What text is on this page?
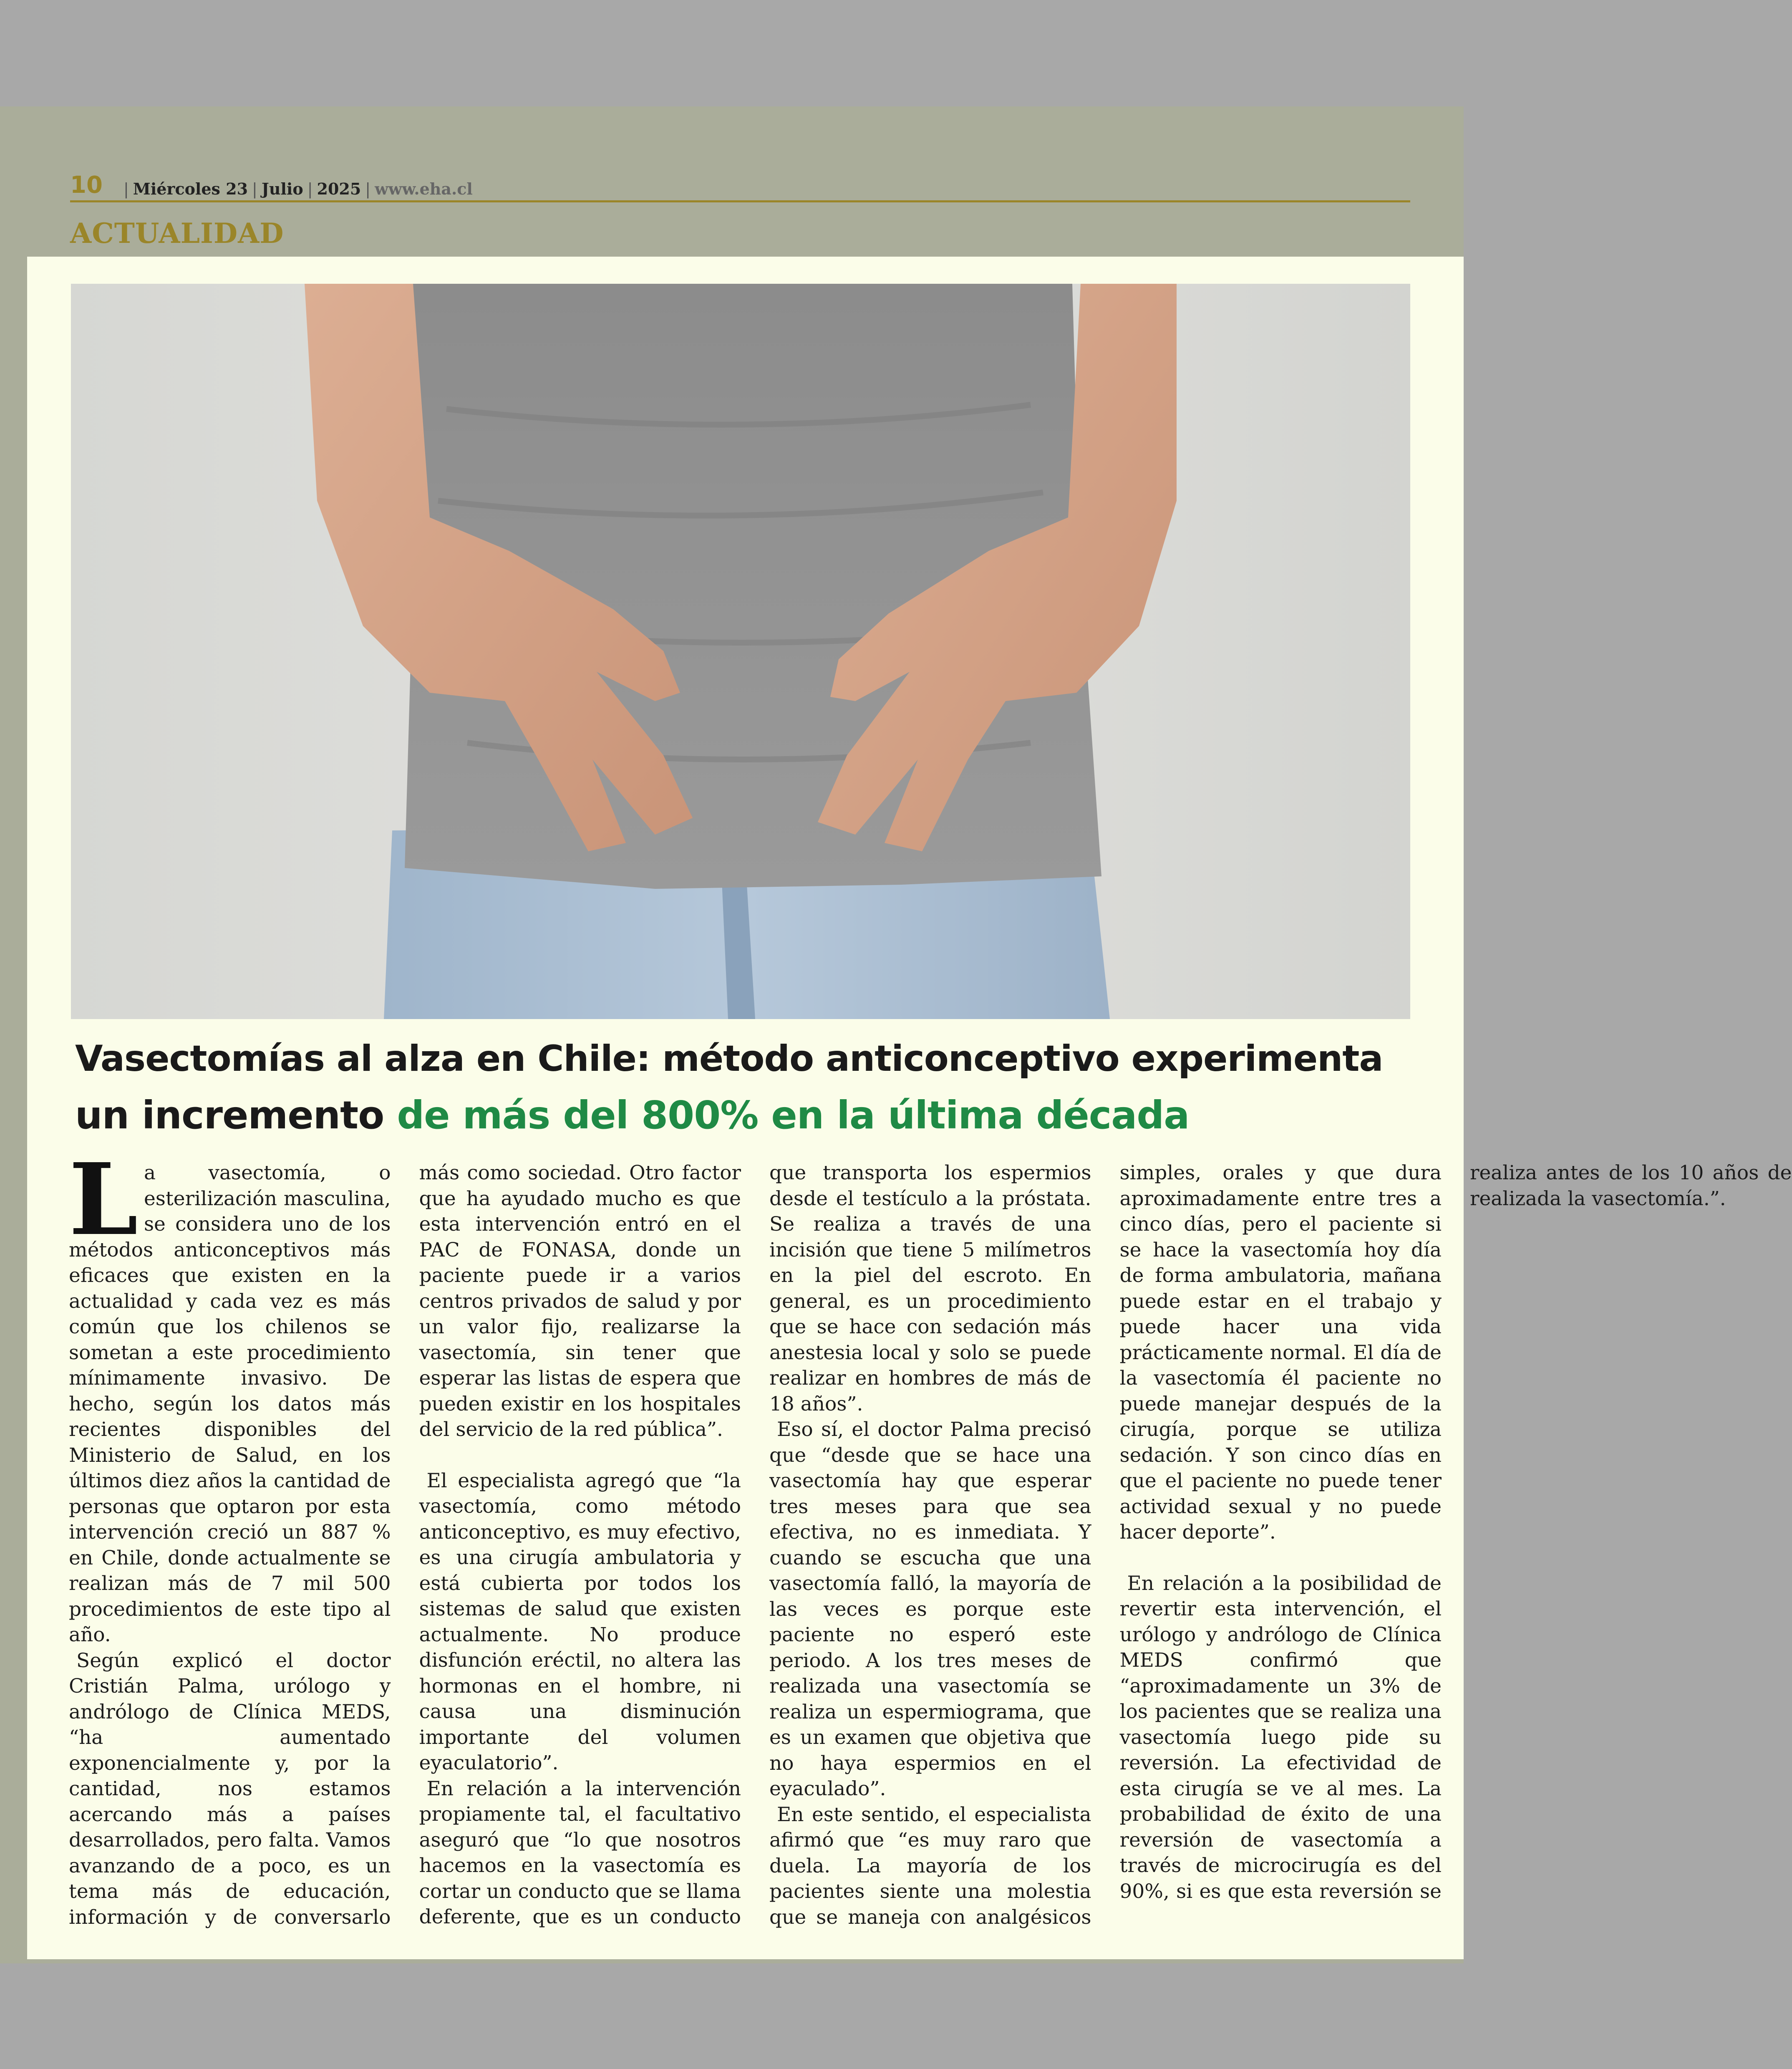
10 | Miércoles 23 | Julio | 2025 | www.eha.cl
ACTUALIDAD
Vasectomías al alza en Chile: método anticonceptivo experimenta
un incremento de más del 800% en la última década

La vasectomía, o esterilización masculina, se considera uno de los métodos anticonceptivos más eficaces que existen en la actualidad y cada vez es más común que los chilenos se sometan a este procedimiento mínimamente invasivo. De hecho, según los datos más recientes disponibles del Ministerio de Salud, en los últimos diez años la cantidad de personas que optaron por esta intervención creció un 887 % en Chile, donde actualmente se realizan más de 7 mil 500 procedimientos de este tipo al año.

Según explicó el doctor Cristián Palma, urólogo y andrólogo de Clínica MEDS, “ha aumentado exponencialmente y, por la cantidad, nos estamos acercando más a países desarrollados, pero falta. Vamos avanzando de a poco, es un tema más de educación, información y de conversarlo más como sociedad. Otro factor que ha ayudado mucho es que esta intervención entró en el PAC de FONASA, donde un paciente puede ir a varios centros privados de salud y por un valor fijo, realizarse la vasectomía, sin tener que esperar las listas de espera que pueden existir en los hospitales del servicio de la red pública”.

El especialista agregó que “la vasectomía, como método anticonceptivo, es muy efectivo, es una cirugía ambulatoria y está cubierta por todos los sistemas de salud que existen actualmente. No produce disfunción eréctil, no altera las hormonas en el hombre, ni causa una disminución importante del volumen eyaculatorio”.

En relación a la intervención propiamente tal, el facultativo aseguró que “lo que nosotros hacemos en la vasectomía es cortar un conducto que se llama deferente, que es un conducto que transporta los espermios desde el testículo a la próstata. Se realiza a través de una incisión que tiene 5 milímetros en la piel del escroto. En general, es un procedimiento que se hace con sedación más anestesia local y solo se puede realizar en hombres de más de 18 años”.

Eso sí, el doctor Palma precisó que “desde que se hace una vasectomía hay que esperar tres meses para que sea efectiva, no es inmediata. Y cuando se escucha que una vasectomía falló, la mayoría de las veces es porque este paciente no esperó este periodo. A los tres meses de realizada una vasectomía se realiza un espermiograma, que es un examen que objetiva que no haya espermios en el eyaculado”.

En este sentido, el especialista afirmó que “es muy raro que duela. La mayoría de los pacientes siente una molestia que se maneja con analgésicos simples, orales y que dura aproximadamente entre tres a cinco días, pero el paciente si se hace la vasectomía hoy día de forma ambulatoria, mañana puede estar en el trabajo y puede hacer una vida prácticamente normal. El día de la vasectomía él paciente no puede manejar después de la cirugía, porque se utiliza sedación. Y son cinco días en que el paciente no puede tener actividad sexual y no puede hacer deporte”.

En relación a la posibilidad de revertir esta intervención, el urólogo y andrólogo de Clínica MEDS confirmó que “aproximadamente un 3% de los pacientes que se realiza una vasectomía luego pide su reversión. La efectividad de esta cirugía se ve al mes. La probabilidad de éxito de una reversión de vasectomía a través de microcirugía es del 90%, si es que esta reversión se realiza antes de los 10 años de realizada la vasectomía.”.
